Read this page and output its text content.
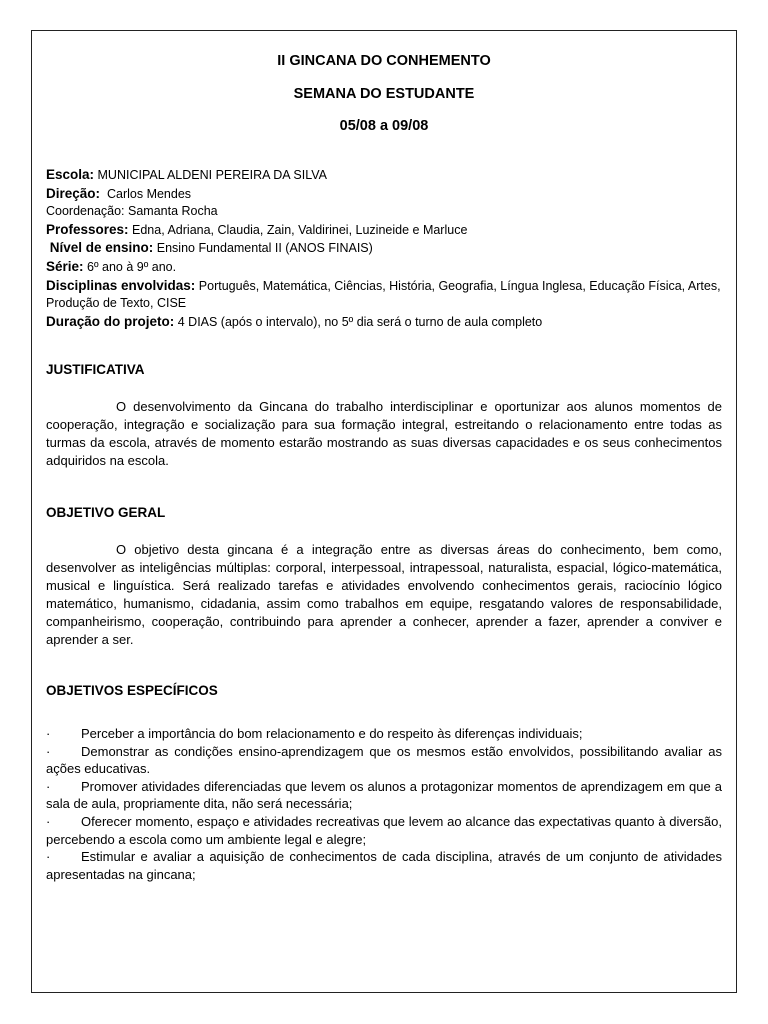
II GINCANA DO CONHEMENTO
SEMANA DO ESTUDANTE
05/08 a 09/08
Escola: MUNICIPAL ALDENI PEREIRA DA SILVA
Direção:  Carlos Mendes
Coordenação: Samanta Rocha
Professores: Edna, Adriana, Claudia, Zain, Valdirinei, Luzineide e Marluce
Nível de ensino: Ensino Fundamental II (ANOS FINAIS)
Série: 6º ano à 9º ano.
Disciplinas envolvidas: Português, Matemática, Ciências, História, Geografia, Língua Inglesa, Educação Física, Artes, Produção de Texto, CISE
Duração do projeto: 4 DIAS (após o intervalo), no 5º dia será o turno de aula completo
JUSTIFICATIVA
O desenvolvimento da Gincana do trabalho interdisciplinar e oportunizar aos alunos momentos de cooperação, integração e socialização para sua formação integral, estreitando o relacionamento entre todas as turmas da escola, através de momento estarão mostrando as suas diversas capacidades e os seus conhecimentos adquiridos na escola.
OBJETIVO GERAL
O objetivo desta gincana é a integração entre as diversas áreas do conhecimento, bem como, desenvolver as inteligências múltiplas: corporal, interpessoal, intrapessoal, naturalista, espacial, lógico-matemática, musical e linguística. Será realizado tarefas e atividades envolvendo conhecimentos gerais, raciocínio lógico matemático, humanismo, cidadania, assim como trabalhos em equipe, resgatando valores de responsabilidade, companheirismo, cooperação, contribuindo para aprender a conhecer, aprender a fazer, aprender a conviver e aprender a ser.
OBJETIVOS ESPECÍFICOS
· Perceber a importância do bom relacionamento e do respeito às diferenças individuais;
· Demonstrar as condições ensino-aprendizagem que os mesmos estão envolvidos, possibilitando avaliar as ações educativas.
· Promover atividades diferenciadas que levem os alunos a protagonizar momentos de aprendizagem em que a sala de aula, propriamente dita, não será necessária;
· Oferecer momento, espaço e atividades recreativas que levem ao alcance das expectativas quanto à diversão, percebendo a escola como um ambiente legal e alegre;
· Estimular e avaliar a aquisição de conhecimentos de cada disciplina, através de um conjunto de atividades apresentadas na gincana;
